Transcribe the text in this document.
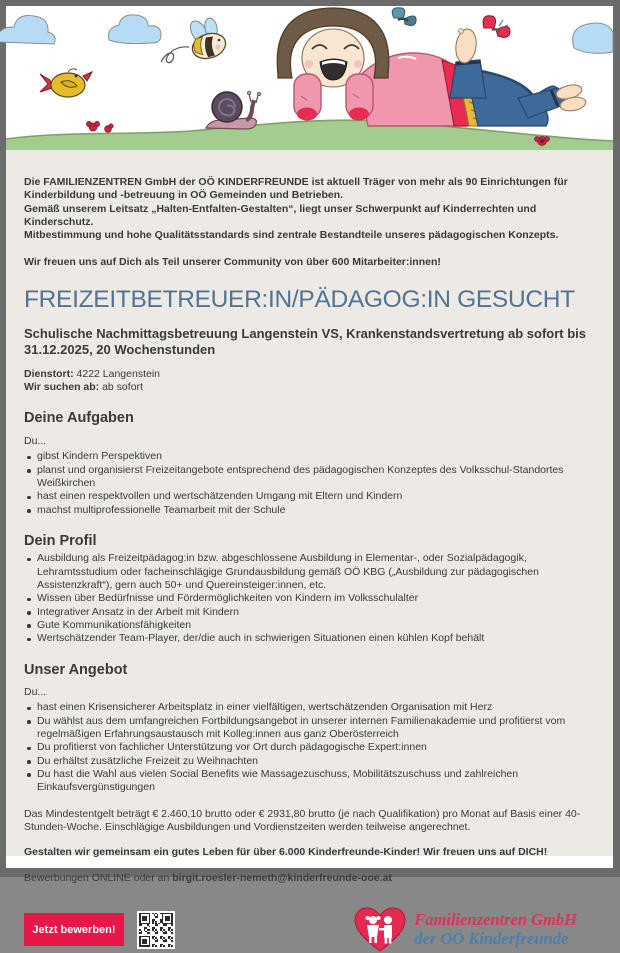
Die FAMILIENZENTREN GmbH der OÖ KINDERFREUNDE ist aktuell Träger von mehr als 90 Einrichtungen für Kinderbildung und -betreuung in OÖ Gemeinden und Betrieben.

Gemäß unserem Leitsatz „Halten-Entfalten-Gestalten“, liegt unser Schwerpunkt auf Kinderrechten und Kinderschutz.

Mitbestimmung und hohe Qualitätsstandards sind zentrale Bestandteile unseres pädagogischen Konzepts.

Wir freuen uns auf Dich als Teil unserer Community von über 600 Mitarbeiter:innen!

FREIZEITBETREUER:IN/PÄDAGOG:IN GESUCHT
Schulische Nachmittagsbetreuung Langenstein VS, Krankenstandsvertretung ab sofort bis 31.12.2025, 20 Wochenstunden
Dienstort: 4222 Langenstein
Wir suchen ab: ab sofort
Deine Aufgaben

Du...

gibst Kindern Perspektiven
planst und organisierst Freizeitangebote entsprechend des pädagogischen Konzeptes des Volksschul-Standortes Weißkirchen
hast einen respektvollen und wertschätzenden Umgang mit Eltern und Kindern
machst multiprofessionelle Teamarbeit mit der Schule
Dein Profil
Ausbildung als Freizeitpädagog:in bzw. abgeschlossene Ausbildung in Elementar-, oder Sozialpädagogik, Lehramtsstudium oder facheinschlägige Grundausbildung gemäß OÖ KBG („Ausbildung zur pädagogischen Assistenzkraft“), gern auch 50+ und Quereinsteiger:innen, etc.
Wissen über Bedürfnisse und Fördermöglichkeiten von Kindern im Volksschulalter
Integrativer Ansatz in der Arbeit mit Kindern
Gute Kommunikationsfähigkeiten
Wertschätzender Team-Player, der/die auch in schwierigen Situationen einen kühlen Kopf behält
Unser Angebot

Du...

hast einen Krisensicherer Arbeitsplatz in einer vielfältigen, wertschätzenden Organisation mit Herz
Du wählst aus dem umfangreichen Fortbildungsangebot in unserer internen Familienakademie und profitierst vom regelmäßigen Erfahrungsaustausch mit Kolleg:innen aus ganz Oberösterreich
Du profitierst von fachlicher Unterstützung vor Ort durch pädagogische Expert:innen
Du erhältst zusätzliche Freizeit zu Weihnachten
Du hast die Wahl aus vielen Social Benefits wie Massagezuschuss, Mobilitätszuschuss und zahlreichen Einkaufsvergünstigungen

Das Mindestentgelt beträgt € 2.460,10 brutto oder € 2931,80 brutto (je nach Qualifikation) pro Monat auf Basis einer 40-Stunden-Woche. Einschlägige Ausbildungen und Vordienstzeiten werden teilweise angerechnet.

Gestalten wir gemeinsam ein gutes Leben für über 6.000 Kinderfreunde-Kinder! Wir freuen uns auf DICH!

Bewerbungen ONLINE oder an birgit.roesler-nemeth@kinderfreunde-ooe.at

Jetzt bewerben!
Familienzentren GmbH
der OÖ Kinderfreunde
